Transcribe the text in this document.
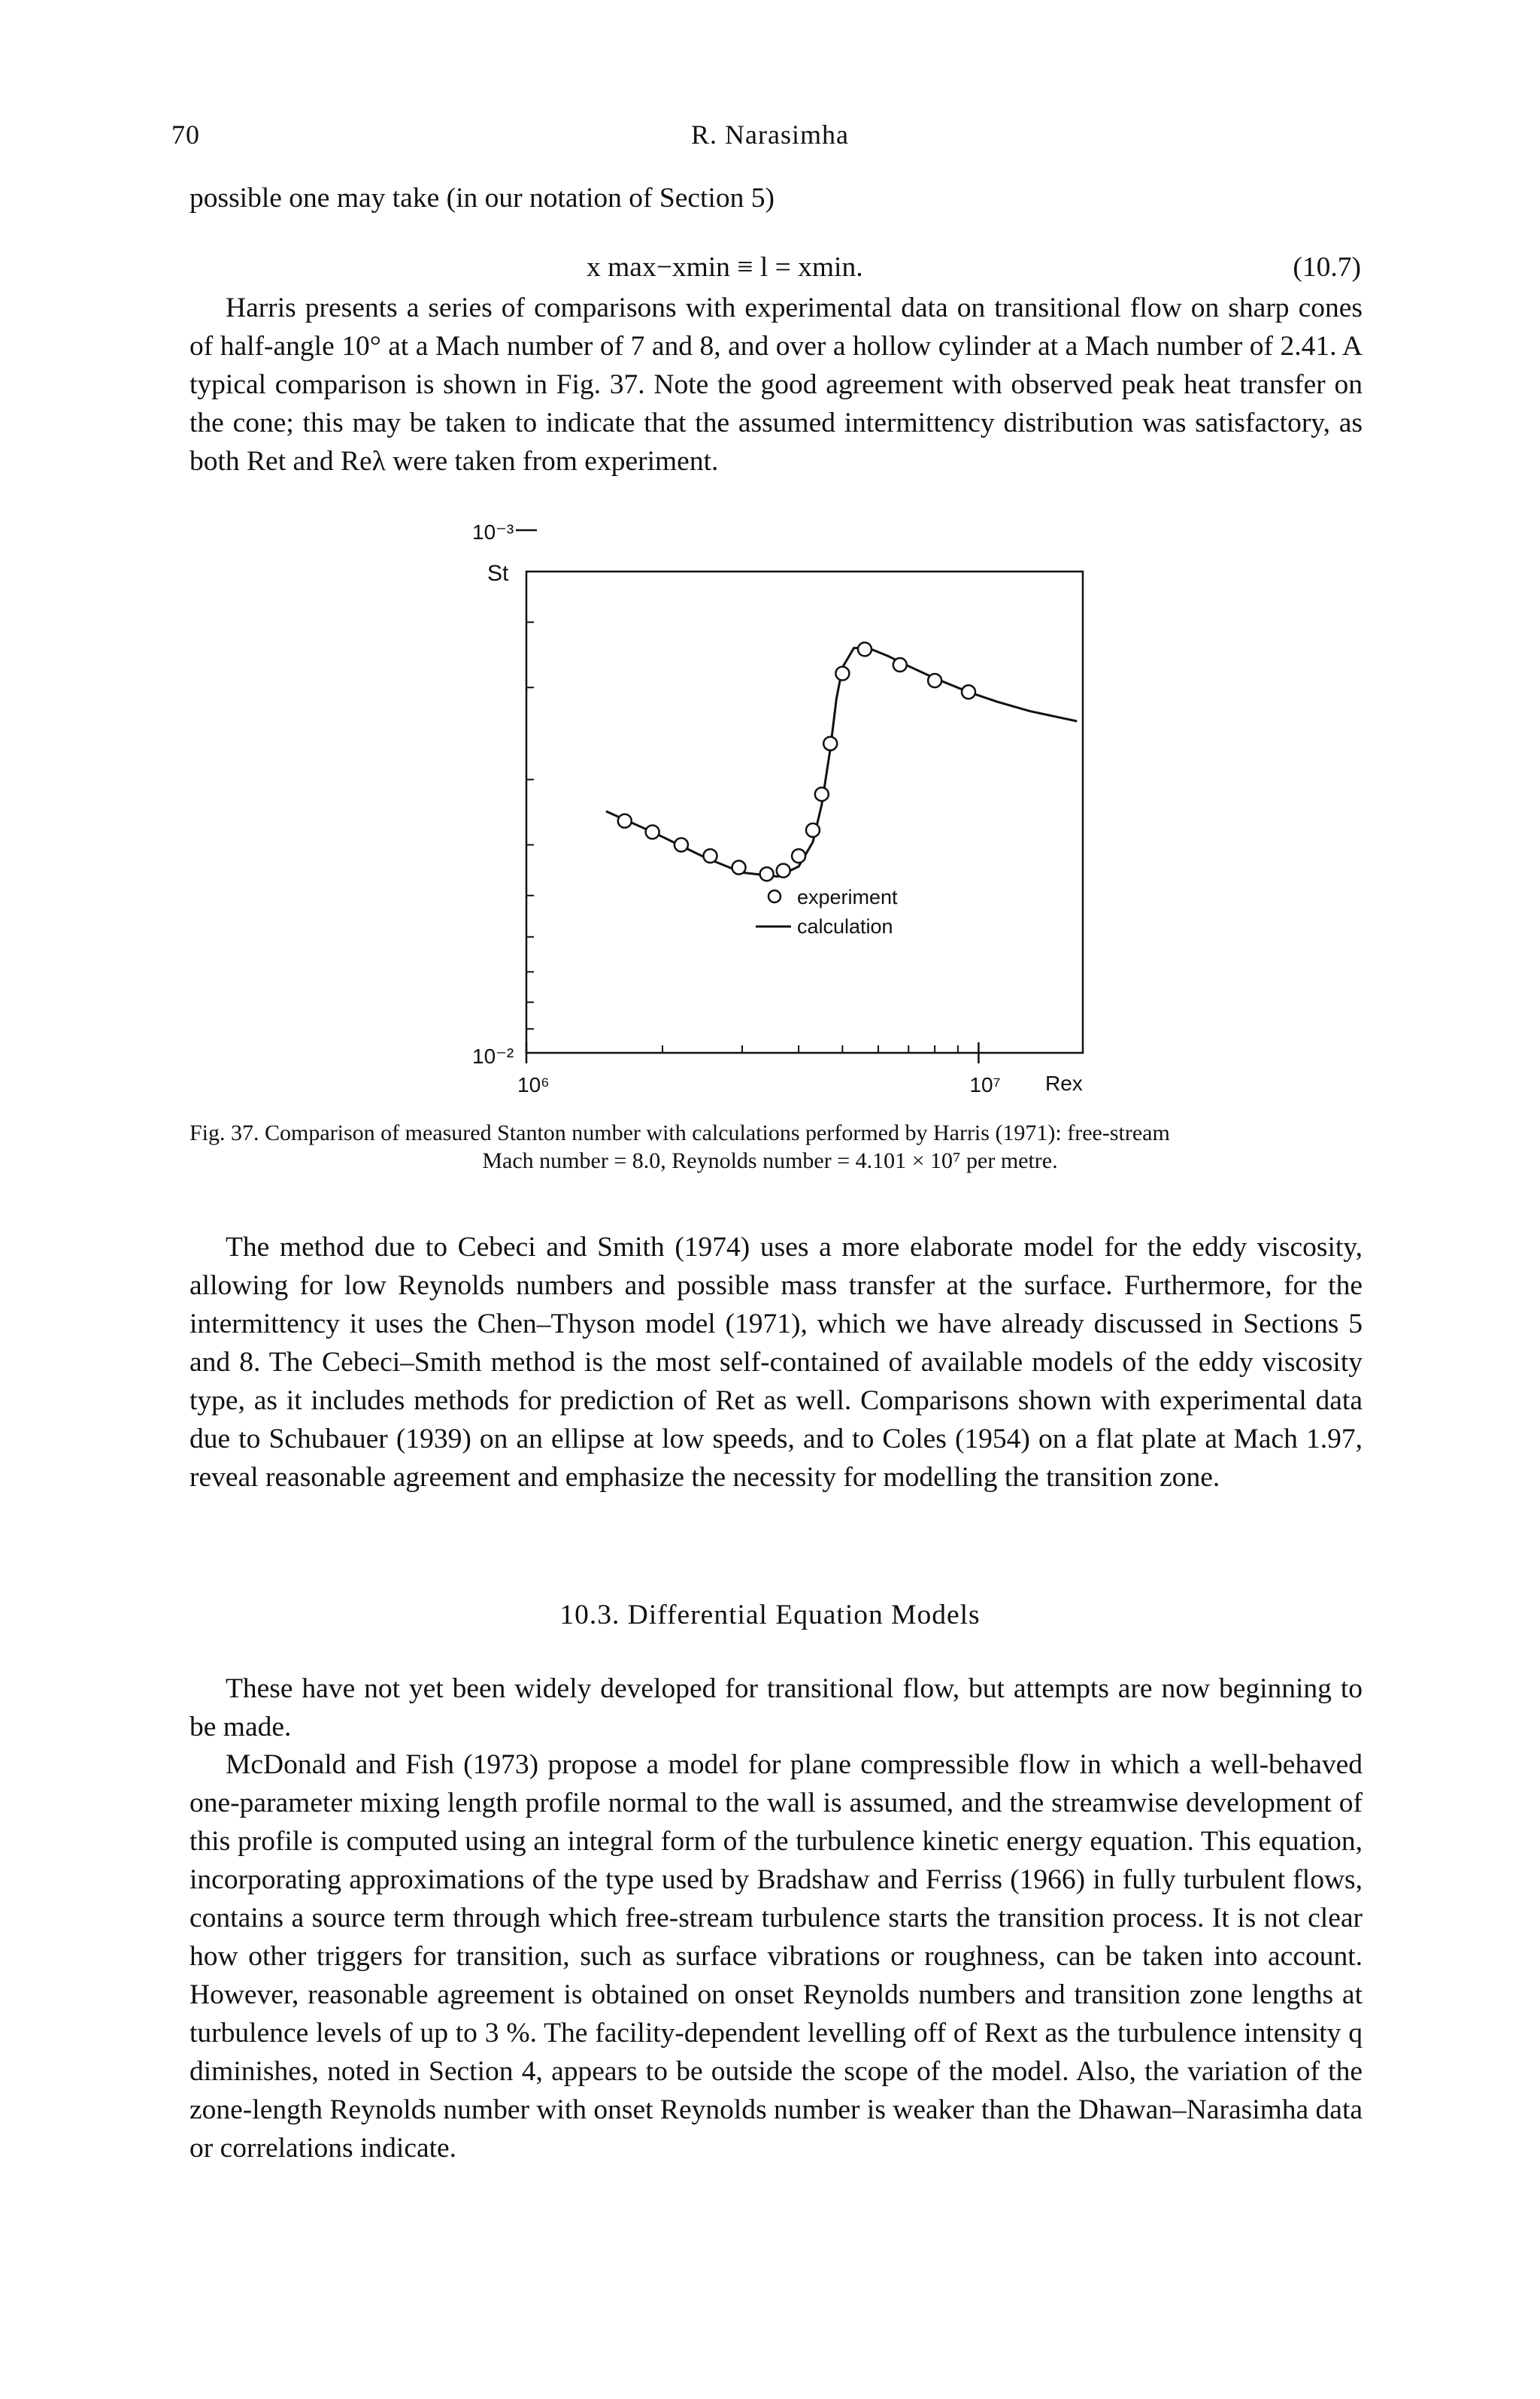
70	R. Narasimha

possible one may take (in our notation of Section 5)

x max−xmin ≡ l = xmin.	(10.7)

Harris presents a series of comparisons with experimental data on transitional flow on sharp cones of half-angle 10° at a Mach number of 7 and 8, and over a hollow cylinder at a Mach number of 2.41. A typical comparison is shown in Fig. 37. Note the good agreement with observed peak heat transfer on the cone; this may be taken to indicate that the assumed intermittency distribution was satisfactory, as both Ret and Reλ were taken from experiment.

experiment
calculation
St
10⁻³
10⁻²
10⁶	10⁷ Rex
Fig. 37. Comparison of measured Stanton number with calculations performed by Harris (1971): free-stream
Mach number = 8.0, Reynolds number = 4.101 × 10⁷ per metre.

The method due to Cebeci and Smith (1974) uses a more elaborate model for the eddy viscosity, allowing for low Reynolds numbers and possible mass transfer at the surface. Furthermore, for the intermittency it uses the Chen–Thyson model (1971), which we have already discussed in Sections 5 and 8. The Cebeci–Smith method is the most self-contained of available models of the eddy viscosity type, as it includes methods for prediction of Ret as well. Comparisons shown with experimental data due to Schubauer (1939) on an ellipse at low speeds, and to Coles (1954) on a flat plate at Mach 1.97, reveal reasonable agreement and emphasize the necessity for modelling the transition zone.

10.3. Differential Equation Models

These have not yet been widely developed for transitional flow, but attempts are now beginning to be made.

McDonald and Fish (1973) propose a model for plane compressible flow in which a well-behaved one-parameter mixing length profile normal to the wall is assumed, and the streamwise development of this profile is computed using an integral form of the turbulence kinetic energy equation. This equation, incorporating approximations of the type used by Bradshaw and Ferriss (1966) in fully turbulent flows, contains a source term through which free-stream turbulence starts the transition process. It is not clear how other triggers for transition, such as surface vibrations or roughness, can be taken into account. However, reasonable agreement is obtained on onset Reynolds numbers and transition zone lengths at turbulence levels of up to 3 %. The facility-dependent levelling off of Rext as the turbulence intensity q diminishes, noted in Section 4, appears to be outside the scope of the model. Also, the variation of the zone-length Reynolds number with onset Reynolds number is weaker than the Dhawan–Narasimha data or correlations indicate.
